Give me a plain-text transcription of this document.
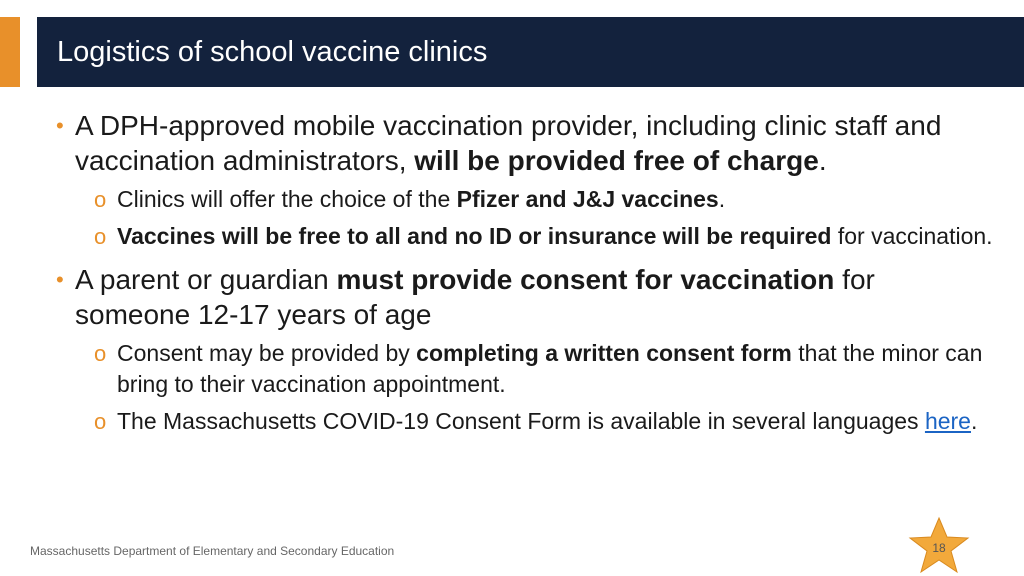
Logistics of school vaccine clinics
• A DPH-approved mobile vaccination provider, including clinic staff and vaccination administrators, will be provided free of charge.
o Clinics will offer the choice of the Pfizer and J&J vaccines.
o Vaccines will be free to all and no ID or insurance will be required for vaccination.
• A parent or guardian must provide consent for vaccination for someone 12-17 years of age
o Consent may be provided by completing a written consent form that the minor can bring to their vaccination appointment.
o The Massachusetts COVID-19 Consent Form is available in several languages here.
Massachusetts Department of Elementary and Secondary Education	18
